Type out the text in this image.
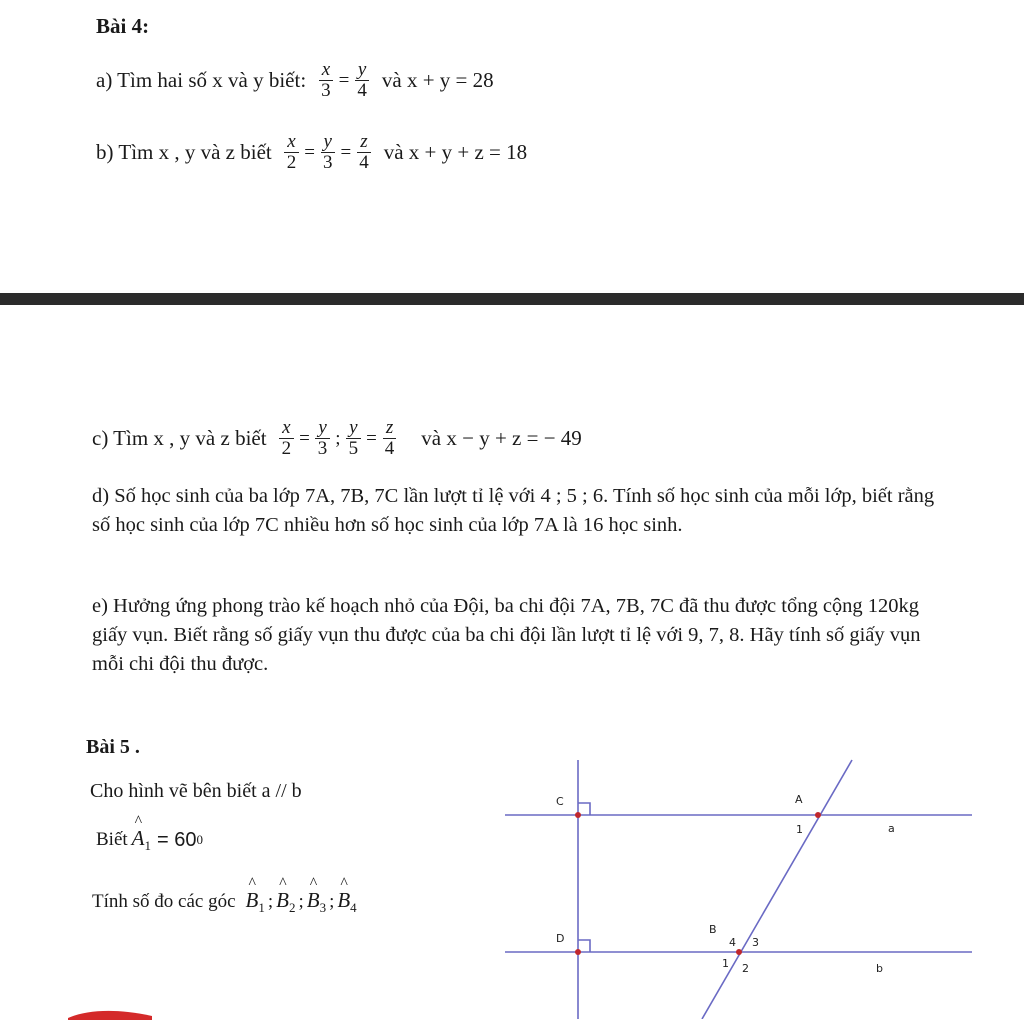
Bài 4:
a) Tìm hai số x và y biết: $\frac{x}{3} = \frac{y}{4}$ và x + y = 28
b) Tìm x , y và z biết $\frac{x}{2} = \frac{y}{3} = \frac{z}{4}$ và x + y + z = 18
c) Tìm x , y và z biết $\frac{x}{2} = \frac{y}{3}$ ; $\frac{y}{5} = \frac{z}{4}$ và x − y + z = − 49
d) Số học sinh của ba lớp 7A, 7B, 7C lần lượt tỉ lệ với 4 ; 5 ; 6. Tính số học sinh của mỗi lớp, biết rằng số học sinh của lớp 7C nhiều hơn số học sinh của lớp 7A là 16 học sinh.
e) Hưởng ứng phong trào kế hoạch nhỏ của Đội, ba chi đội 7A, 7B, 7C đã thu được tổng cộng 120kg giấy vụn. Biết rằng số giấy vụn thu được của ba chi đội lần lượt tỉ lệ với 9, 7, 8. Hãy tính số giấy vụn mỗi chi đội thu được.
Bài 5 .
Cho hình vẽ bên biết a // b
Biết
^
$A_1 = 60$ 0
Tính số đo các góc
^
$B_1$ ;
^
$B_2$ ;
^
$B_3$ ;
^
$B_4$
C
D
A
1	a
B
4 3
1 2	b
